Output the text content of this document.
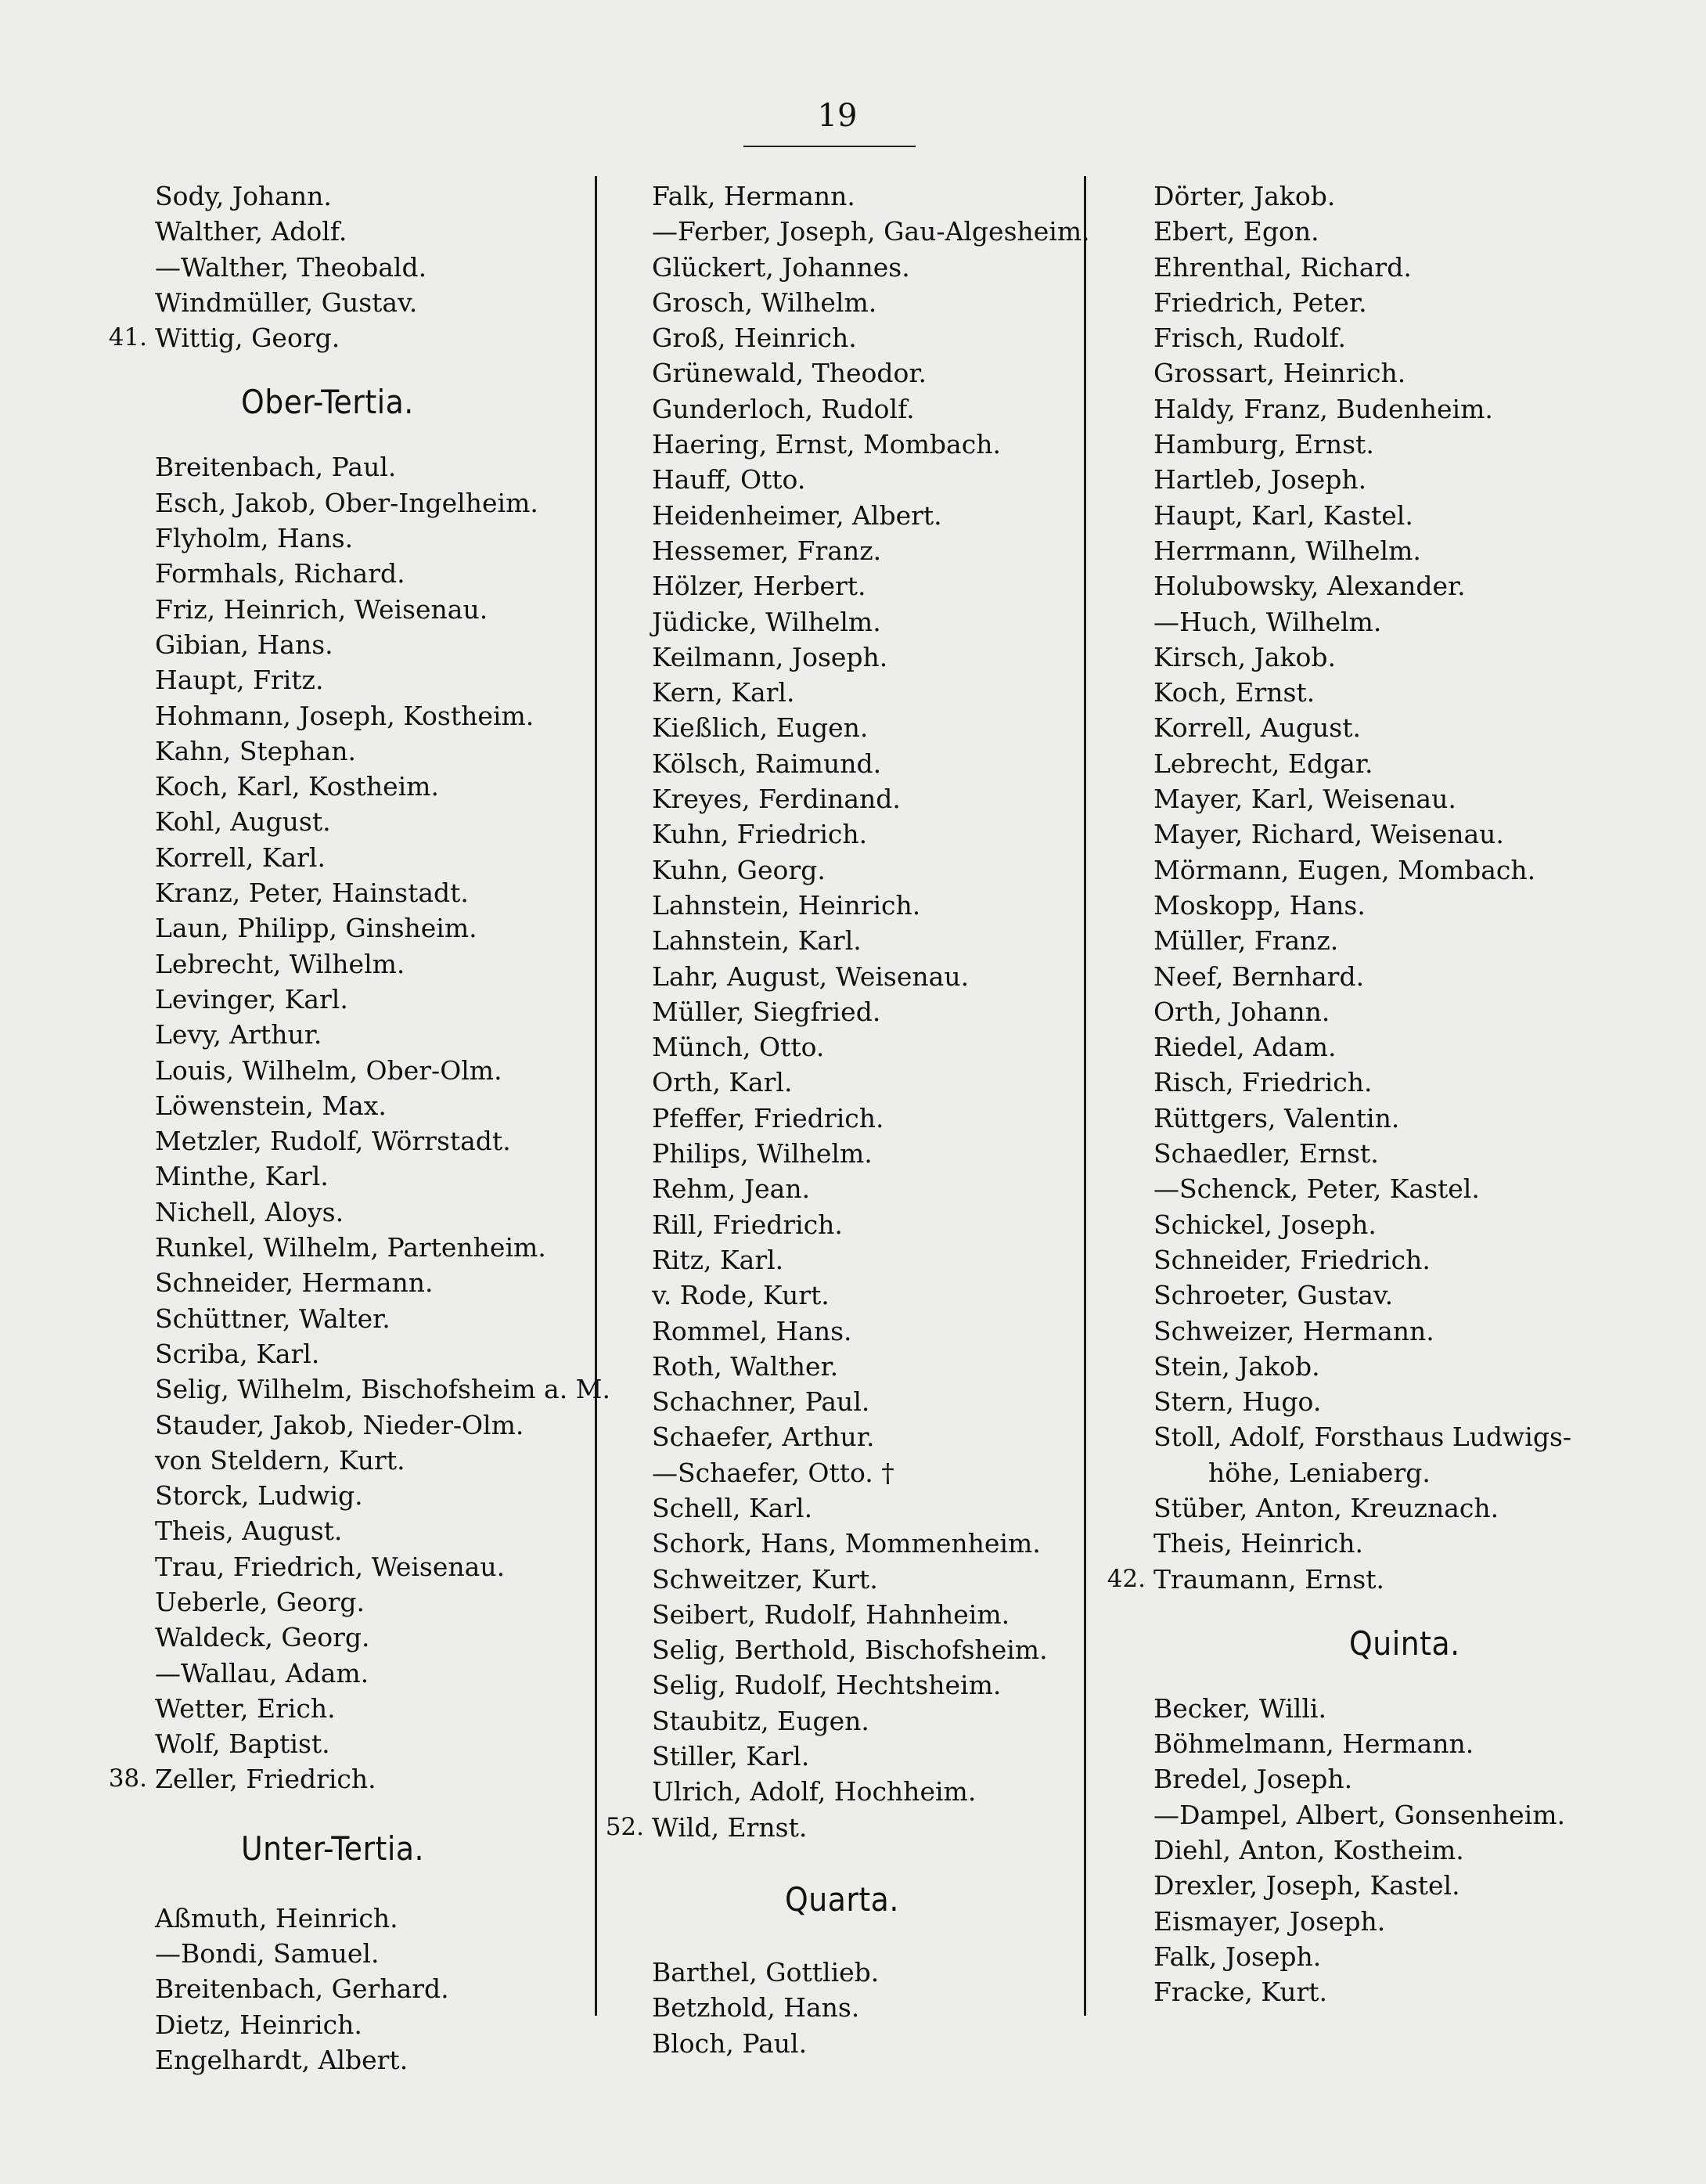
19
Sody, Johann.
Walther, Adolf.
—Walther, Theobald.
Windmüller, Gustav.
41. Wittig, Georg.
Ober-Tertia.
Breitenbach, Paul.
Esch, Jakob, Ober-Ingelheim.
Flyholm, Hans.
Formhals, Richard.
Friz, Heinrich, Weisenau.
Gibian, Hans.
Haupt, Fritz.
Hohmann, Joseph, Kostheim.
Kahn, Stephan.
Koch, Karl, Kostheim.
Kohl, August.
Korrell, Karl.
Kranz, Peter, Hainstadt.
Laun, Philipp, Ginsheim.
Lebrecht, Wilhelm.
Levinger, Karl.
Levy, Arthur.
Louis, Wilhelm, Ober-Olm.
Löwenstein, Max.
Metzler, Rudolf, Wörrstadt.
Minthe, Karl.
Nichell, Aloys.
Runkel, Wilhelm, Partenheim.
Schneider, Hermann.
Schüttner, Walter.
Scriba, Karl.
Selig, Wilhelm, Bischofsheim a. M.
Stauder, Jakob, Nieder-Olm.
von Steldern, Kurt.
Storck, Ludwig.
Theis, August.
Trau, Friedrich, Weisenau.
Ueberle, Georg.
Waldeck, Georg.
—Wallau, Adam.
Wetter, Erich.
Wolf, Baptist.
38. Zeller, Friedrich.
Unter-Tertia.
Aßmuth, Heinrich.
—Bondi, Samuel.
Breitenbach, Gerhard.
Dietz, Heinrich.
Engelhardt, Albert.
Falk, Hermann.
—Ferber, Joseph, Gau-Algesheim.
Glückert, Johannes.
Grosch, Wilhelm.
Groß, Heinrich.
Grünewald, Theodor.
Gunderloch, Rudolf.
Haering, Ernst, Mombach.
Hauff, Otto.
Heidenheimer, Albert.
Hessemer, Franz.
Hölzer, Herbert.
Jüdicke, Wilhelm.
Keilmann, Joseph.
Kern, Karl.
Kießlich, Eugen.
Kölsch, Raimund.
Kreyes, Ferdinand.
Kuhn, Friedrich.
Kuhn, Georg.
Lahnstein, Heinrich.
Lahnstein, Karl.
Lahr, August, Weisenau.
Müller, Siegfried.
Münch, Otto.
Orth, Karl.
Pfeffer, Friedrich.
Philips, Wilhelm.
Rehm, Jean.
Rill, Friedrich.
Ritz, Karl.
v. Rode, Kurt.
Rommel, Hans.
Roth, Walther.
Schachner, Paul.
Schaefer, Arthur.
—Schaefer, Otto. †
Schell, Karl.
Schork, Hans, Mommenheim.
Schweitzer, Kurt.
Seibert, Rudolf, Hahnheim.
Selig, Berthold, Bischofsheim.
Selig, Rudolf, Hechtsheim.
Staubitz, Eugen.
Stiller, Karl.
Ulrich, Adolf, Hochheim.
52. Wild, Ernst.
Quarta.
Barthel, Gottlieb.
Betzhold, Hans.
Bloch, Paul.
Dörter, Jakob.
Ebert, Egon.
Ehrenthal, Richard.
Friedrich, Peter.
Frisch, Rudolf.
Grossart, Heinrich.
Haldy, Franz, Budenheim.
Hamburg, Ernst.
Hartleb, Joseph.
Haupt, Karl, Kastel.
Herrmann, Wilhelm.
Holubowsky, Alexander.
—Huch, Wilhelm.
Kirsch, Jakob.
Koch, Ernst.
Korrell, August.
Lebrecht, Edgar.
Mayer, Karl, Weisenau.
Mayer, Richard, Weisenau.
Mörmann, Eugen, Mombach.
Moskopp, Hans.
Müller, Franz.
Neef, Bernhard.
Orth, Johann.
Riedel, Adam.
Risch, Friedrich.
Rüttgers, Valentin.
Schaedler, Ernst.
—Schenck, Peter, Kastel.
Schickel, Joseph.
Schneider, Friedrich.
Schroeter, Gustav.
Schweizer, Hermann.
Stein, Jakob.
Stern, Hugo.
Stoll, Adolf, Forsthaus Ludwigs-
höhe, Leniaberg.
Stüber, Anton, Kreuznach.
Theis, Heinrich.
42. Traumann, Ernst.
Quinta.
Becker, Willi.
Böhmelmann, Hermann.
Bredel, Joseph.
—Dampel, Albert, Gonsenheim.
Diehl, Anton, Kostheim.
Drexler, Joseph, Kastel.
Eismayer, Joseph.
Falk, Joseph.
Fracke, Kurt.
